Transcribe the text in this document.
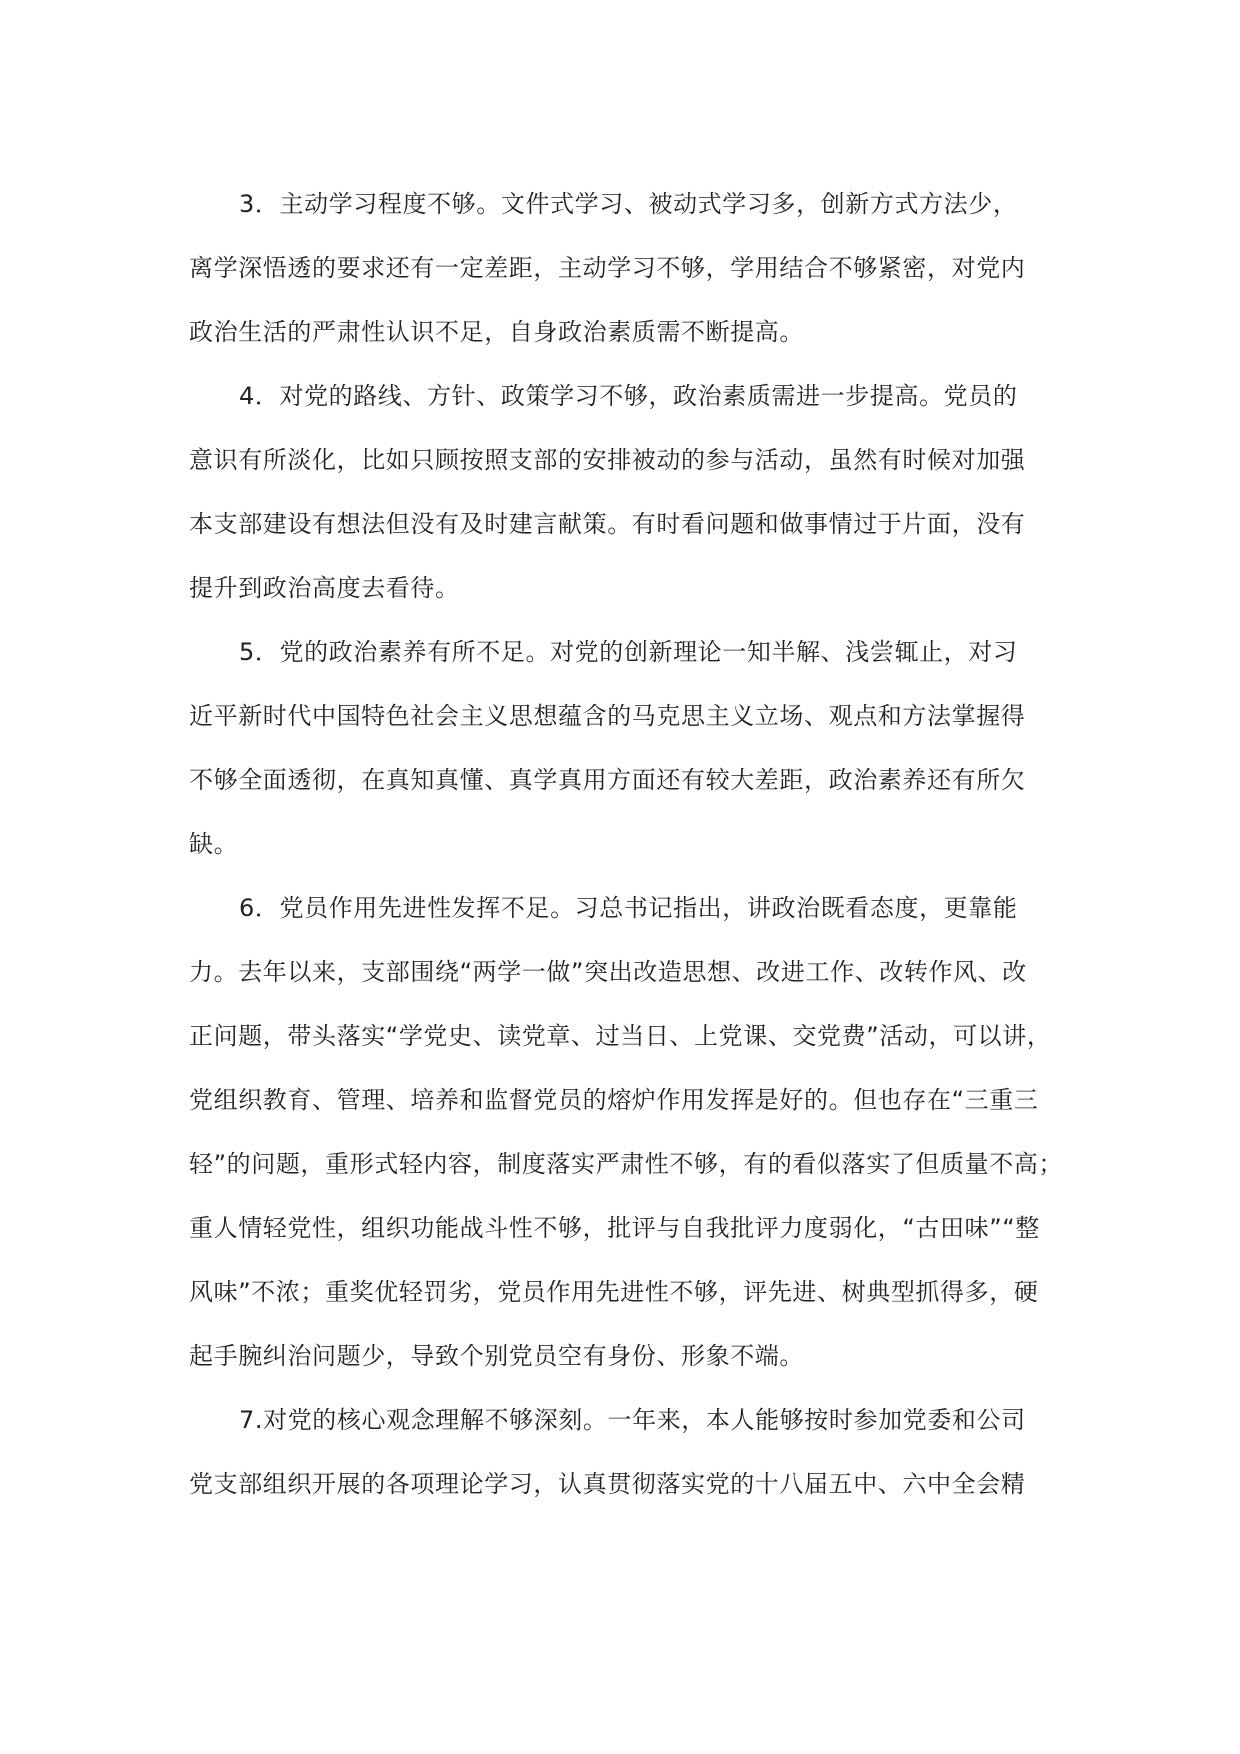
3．主动学习程度不够。文件式学习、被动式学习多，创新方式方法少，
离学深悟透的要求还有一定差距，主动学习不够，学用结合不够紧密，对党内
政治生活的严肃性认识不足，自身政治素质需不断提高。

4．对党的路线、方针、政策学习不够，政治素质需进一步提高。党员的
意识有所淡化，比如只顾按照支部的安排被动的参与活动，虽然有时候对加强
本支部建设有想法但没有及时建言献策。有时看问题和做事情过于片面，没有
提升到政治高度去看待。

5．党的政治素养有所不足。对党的创新理论一知半解、浅尝辄止，对习
近平新时代中国特色社会主义思想蕴含的马克思主义立场、观点和方法掌握得
不够全面透彻，在真知真懂、真学真用方面还有较大差距，政治素养还有所欠
缺。

6．党员作用先进性发挥不足。习总书记指出，讲政治既看态度，更靠能
力。去年以来，支部围绕“两学一做”突出改造思想、改进工作、改转作风、改
正问题，带头落实“学党史、读党章、过当日、上党课、交党费”活动，可以讲，
党组织教育、管理、培养和监督党员的熔炉作用发挥是好的。但也存在“三重三
轻”的问题，重形式轻内容，制度落实严肃性不够，有的看似落实了但质量不高；
重人情轻党性，组织功能战斗性不够，批评与自我批评力度弱化，“古田味”“整
风味”不浓；重奖优轻罚劣，党员作用先进性不够，评先进、树典型抓得多，硬
起手腕纠治问题少，导致个别党员空有身份、形象不端。

7.对党的核心观念理解不够深刻。一年来，本人能够按时参加党委和公司
党支部组织开展的各项理论学习，认真贯彻落实党的十八届五中、六中全会精
